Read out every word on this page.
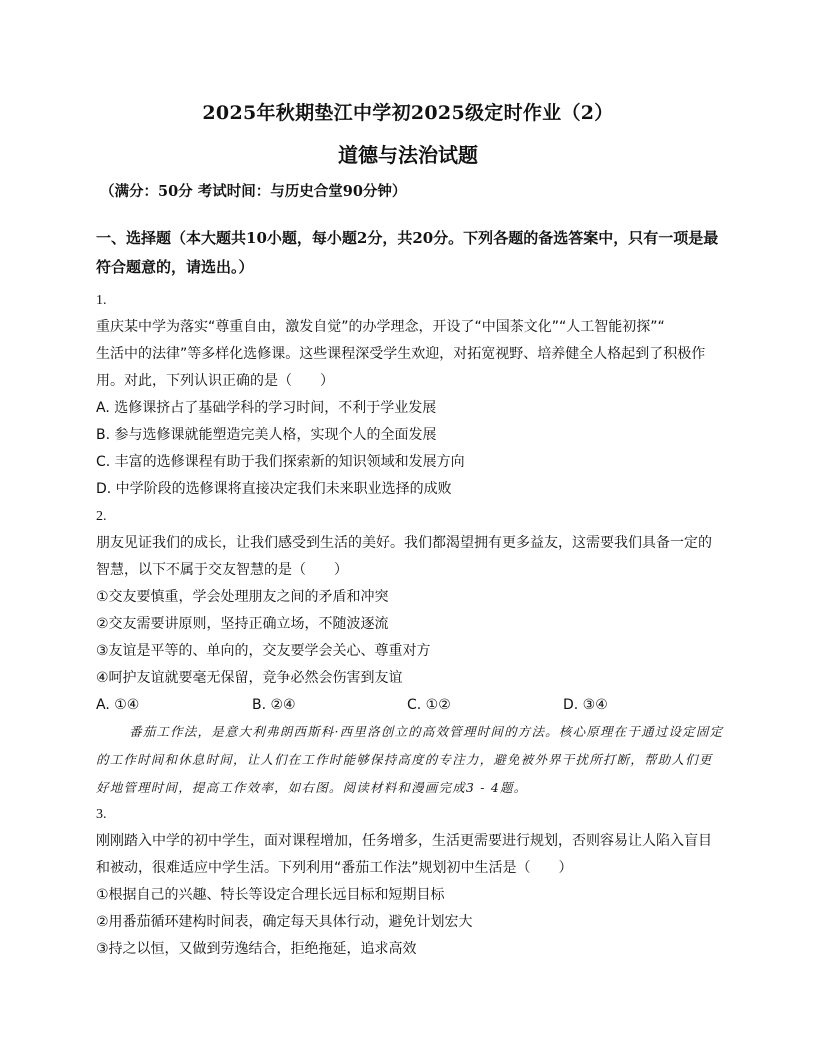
2025年秋期垫江中学初2025级定时作业（2）
道德与法治试题
（满分：50分 考试时间：与历史合堂90分钟）
一、选择题（本大题共10小题，每小题2分，共20分。下列各题的备选答案中，只有一项是最符合题意的，请选出。）
1.
重庆某中学为落实“尊重自由，激发自觉”的办学理念，开设了“中国茶文化”“人工智能初探”“
生活中的法律”等多样化选修课。这些课程深受学生欢迎，对拓宽视野、培养健全人格起到了积极作
用。对此，下列认识正确的是（　　）
A. 选修课挤占了基础学科的学习时间，不利于学业发展
B. 参与选修课就能塑造完美人格，实现个人的全面发展
C. 丰富的选修课程有助于我们探索新的知识领域和发展方向
D. 中学阶段的选修课将直接决定我们未来职业选择的成败
2.
朋友见证我们的成长，让我们感受到生活的美好。我们都渴望拥有更多益友，这需要我们具备一定的
智慧，以下不属于交友智慧的是（　　）
①交友要慎重，学会处理朋友之间的矛盾和冲突
②交友需要讲原则，坚持正确立场，不随波逐流
③友谊是平等的、单向的，交友要学会关心、尊重对方
④呵护友谊就要毫无保留，竞争必然会伤害到友谊
A. ①④	B. ②④	C. ①②	D. ③④
番茄工作法，是意大利弗朗西斯科·西里洛创立的高效管理时间的方法。核心原理在于通过设定固定的工作时间和休息时间，让人们在工作时能够保持高度的专注力，避免被外界干扰所打断，帮助人们更好地管理时间，提高工作效率，如右图。阅读材料和漫画完成3 - 4题。
3.
刚刚踏入中学的初中学生，面对课程增加，任务增多，生活更需要进行规划，否则容易让人陷入盲目
和被动，很难适应中学生活。下列利用“番茄工作法”规划初中生活是（　　）
①根据自己的兴趣、特长等设定合理长远目标和短期目标
②用番茄循环建构时间表，确定每天具体行动，避免计划宏大
③持之以恒，又做到劳逸结合，拒绝拖延，追求高效
